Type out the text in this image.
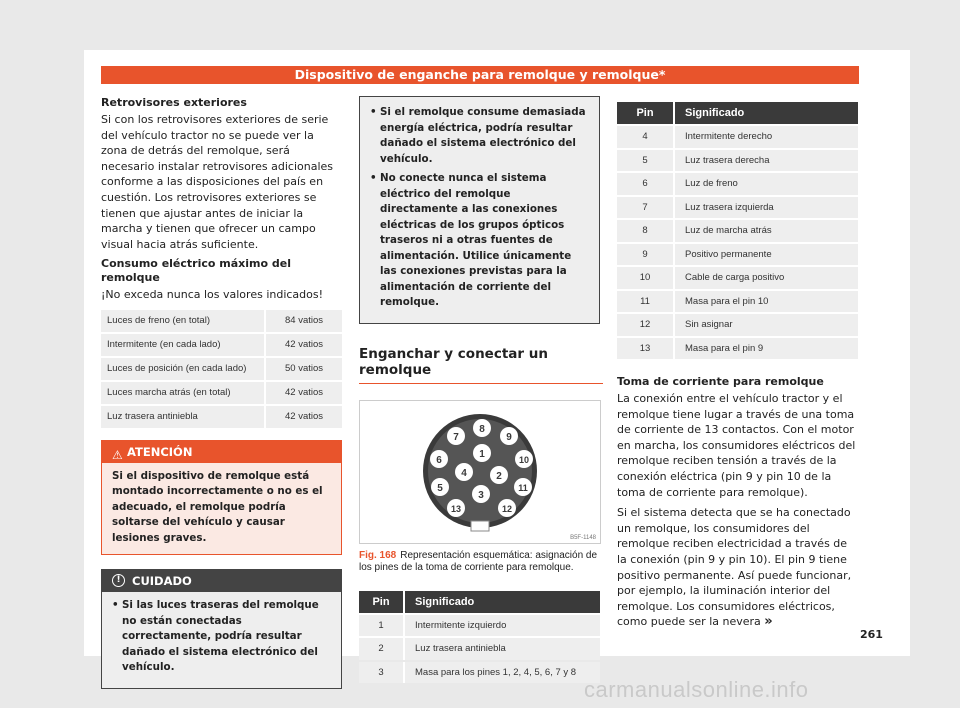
Dispositivo de enganche para remolque y remolque*
Retrovisores exteriores

Si con los retrovisores exteriores de serie del vehículo tractor no se puede ver la zona de detrás del remolque, será necesario instalar retrovisores adicionales conforme a las disposiciones del país en cuestión. Los retrovisores exteriores se tienen que ajustar antes de iniciar la marcha y tienen que ofrecer un campo visual hacia atrás suficiente.

Consumo eléctrico máximo del remolque

¡No exceda nunca los valores indicados!

Luces de freno (en total)	84 vatios
Intermitente (en cada lado)	42 vatios
Luces de posición (en cada lado)	50 vatios
Luces marcha atrás (en total)	42 vatios
Luz trasera antiniebla	42 vatios
⚠ ATENCIÓN
Si el dispositivo de remolque está montado incorrectamente o no es el adecuado, el remolque podría soltarse del vehículo y causar lesiones graves.
! CUIDADO
• Si las luces traseras del remolque no están conectadas correctamente, podría resultar dañado el sistema electrónico del vehículo.
• Si el remolque consume demasiada energía eléctrica, podría resultar dañado el sistema electrónico del vehículo.
• No conecte nunca el sistema eléctrico del remolque directamente a las conexiones eléctricas de los grupos ópticos traseros ni a otras fuentes de alimentación. Utilice únicamente las conexiones previstas para la alimentación de corriente del remolque.
Enganchar y conectar un remolque
1
2
3
4
5
6
7
8
9
10
11
12
13
B5F-1148
Fig. 168 Representación esquemática: asignación de los pines de la toma de corriente para remolque.
Pin	Significado
1	Intermitente izquierdo
2	Luz trasera antiniebla
3	Masa para los pines 1, 2, 4, 5, 6, 7 y 8
Pin	Significado
4	Intermitente derecho
5	Luz trasera derecha
6	Luz de freno
7	Luz trasera izquierda
8	Luz de marcha atrás
9	Positivo permanente
10	Cable de carga positivo
11	Masa para el pin 10
12	Sin asignar
13	Masa para el pin 9
Toma de corriente para remolque

La conexión entre el vehículo tractor y el remolque tiene lugar a través de una toma de corriente de 13 contactos. Con el motor en marcha, los consumidores eléctricos del remolque reciben tensión a través de la conexión eléctrica (pin 9 y pin 10 de la toma de corriente para remolque).

Si el sistema detecta que se ha conectado un remolque, los consumidores del remolque reciben electricidad a través de la conexión (pin 9 y pin 10). El pin 9 tiene positivo permanente. Así puede funcionar, por ejemplo, la iluminación interior del remolque. Los consumidores eléctricos, como puede ser la nevera »

261
carmanualsonline.info
